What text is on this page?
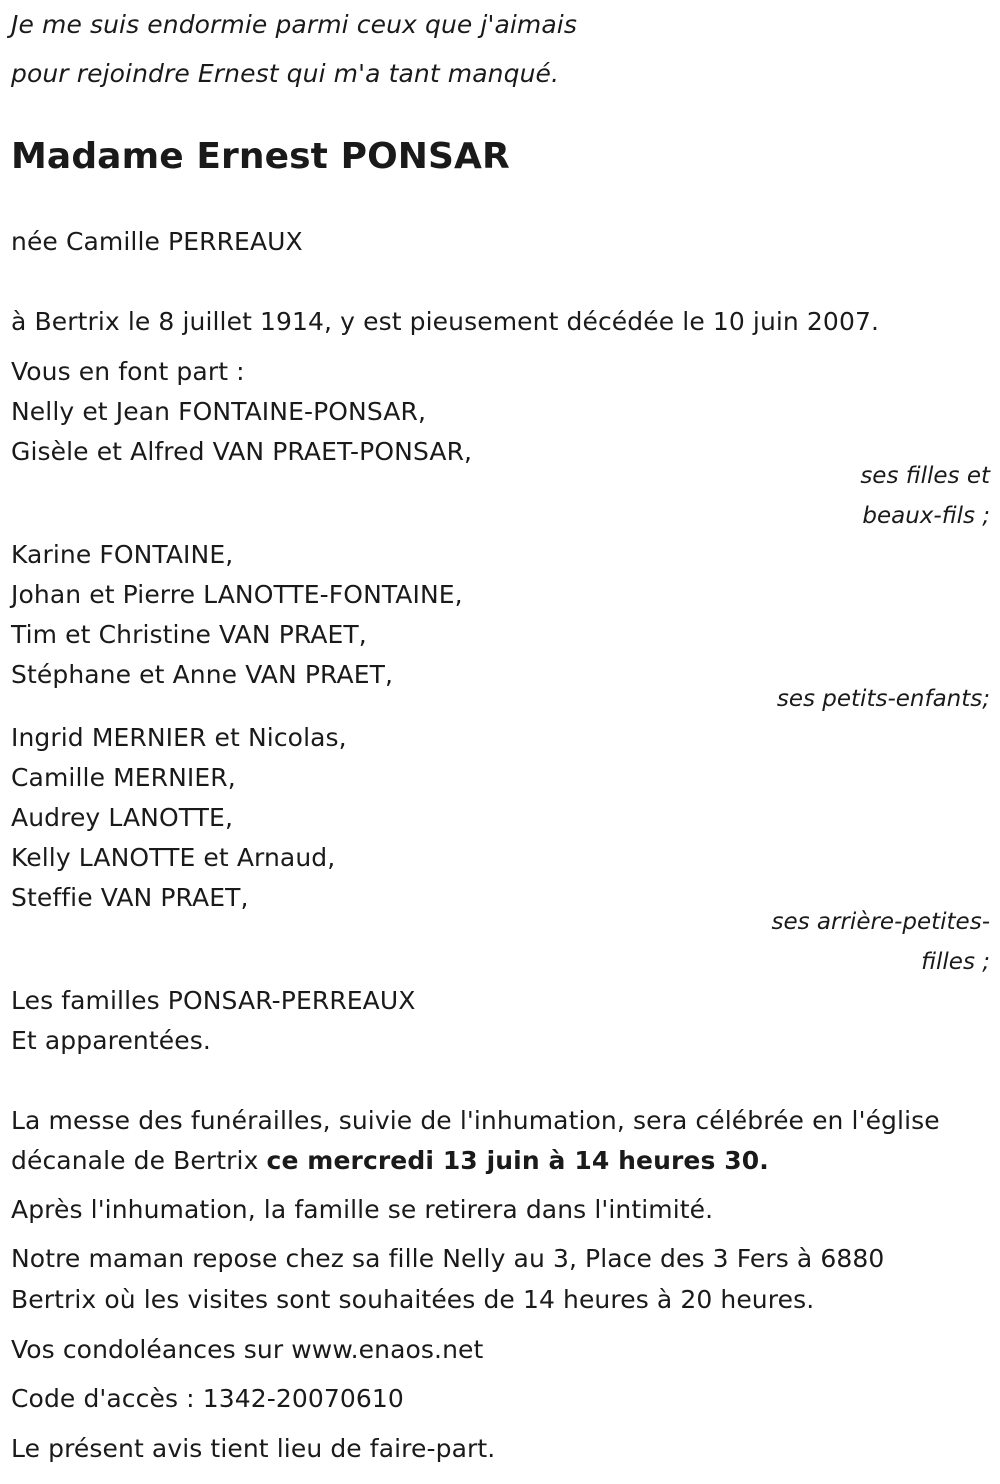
Je me suis endormie parmi ceux que j'aimais
pour rejoindre Ernest qui m'a tant manqué.
Madame Ernest PONSAR
née Camille PERREAUX
à Bertrix le 8 juillet 1914, y est pieusement décédée le 10 juin 2007.
Vous en font part :
Nelly et Jean FONTAINE-PONSAR,
Gisèle et Alfred VAN PRAET-PONSAR,
ses filles et
beaux-fils ;
Karine FONTAINE,
Johan et Pierre LANOTTE-FONTAINE,
Tim et Christine VAN PRAET,
Stéphane et Anne VAN PRAET,
ses petits-enfants;
Ingrid MERNIER et Nicolas,
Camille MERNIER,
Audrey LANOTTE,
Kelly LANOTTE et Arnaud,
Steffie VAN PRAET,
ses arrière-petites-
filles ;
Les familles PONSAR-PERREAUX
Et apparentées.
La messe des funérailles, suivie de l'inhumation, sera célébrée en l'église
décanale de Bertrix ce mercredi 13 juin à 14 heures 30.
Après l'inhumation, la famille se retirera dans l'intimité.
Notre maman repose chez sa fille Nelly au 3, Place des 3 Fers à 6880
Bertrix où les visites sont souhaitées de 14 heures à 20 heures.
Vos condoléances sur www.enaos.net
Code d'accès : 1342-20070610
Le présent avis tient lieu de faire-part.
